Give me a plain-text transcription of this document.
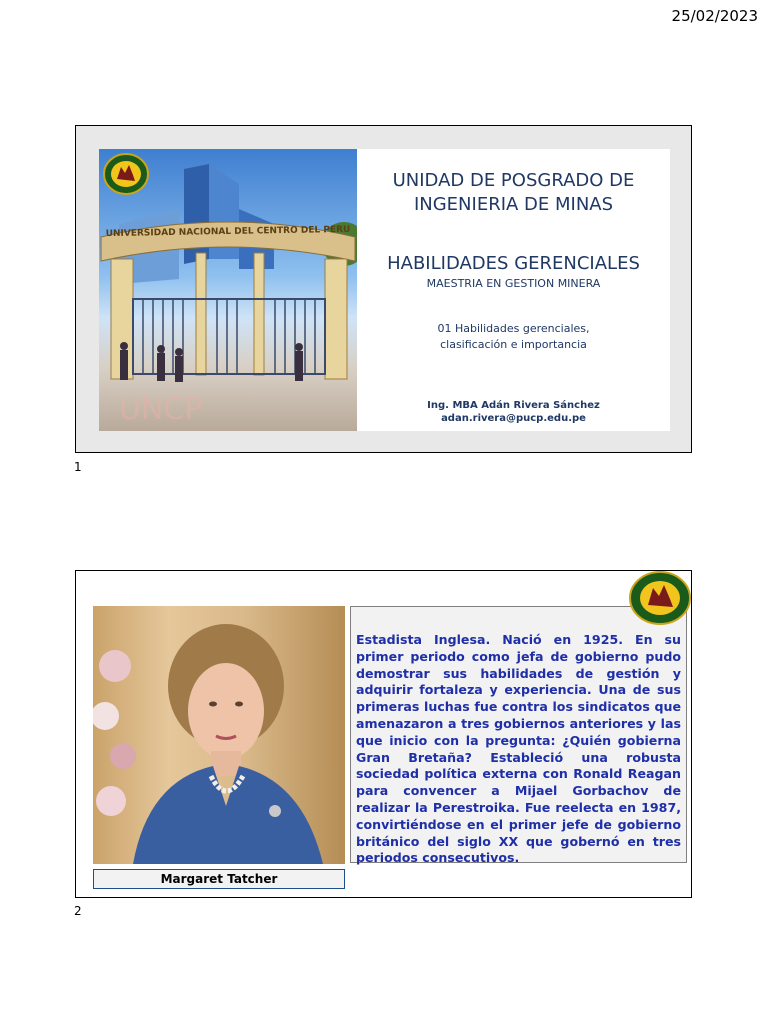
25/02/2023
UNCP
UNIVERSIDAD NACIONAL DEL CENTRO DEL PERU
UNIDAD DE POSGRADO DE
INGENIERIA DE MINAS
HABILIDADES GERENCIALES
MAESTRIA EN GESTION MINERA
01 Habilidades gerenciales,
clasificación e importancia
Ing. MBA Adán Rivera Sánchez
adan.rivera@pucp.edu.pe
1
Margaret Tatcher
Estadista Inglesa. Nació en 1925. En su primer periodo como jefa de gobierno pudo demostrar sus habilidades de gestión y adquirir fortaleza y experiencia. Una de sus primeras luchas fue contra los sindicatos que amenazaron a tres gobiernos anteriores y las que inicio con la pregunta: ¿Quién gobierna Gran Bretaña? Estableció una robusta sociedad política externa con Ronald Reagan para convencer a Mijael Gorbachov de realizar la Perestroika. Fue reelecta en 1987, convirtiéndose en el primer jefe de gobierno británico del siglo XX que gobernó en tres periodos consecutivos.
2
